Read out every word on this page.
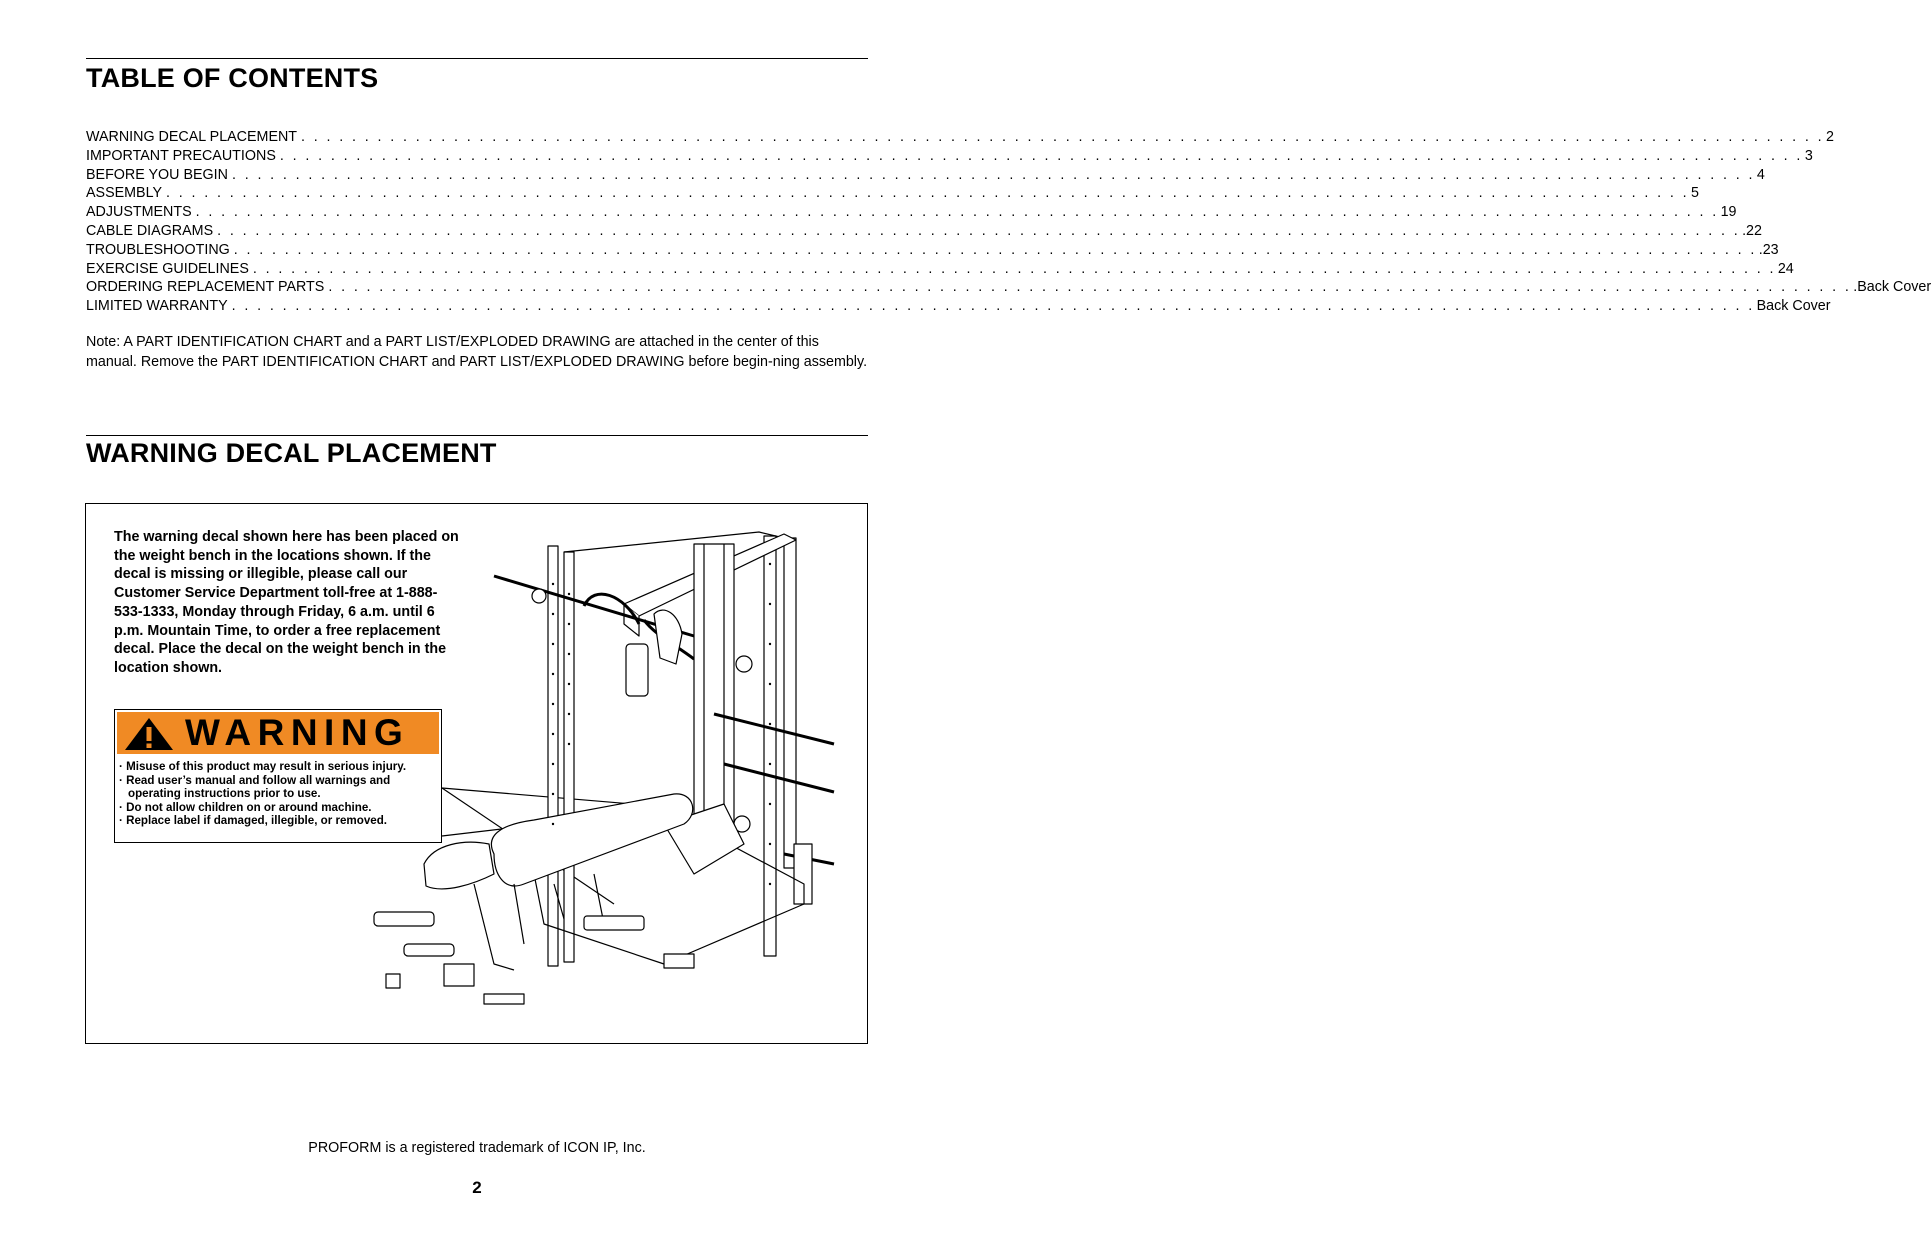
TABLE OF CONTENTS
WARNING DECAL PLACEMENT . . . . . . . . . . . . . . . . . . . . . . . . . . . . . . . . . . . . . . . . . . . . . . . . . . . . . . . . . . . . . . . . . . . . . . . . . . . . . . . . . . . . . . . . . . . . . . . . . . . . . . . . . . . . . . . . . . . . . . . . 2
IMPORTANT PRECAUTIONS . . . . . . . . . . . . . . . . . . . . . . . . . . . . . . . . . . . . . . . . . . . . . . . . . . . . . . . . . . . . . . . . . . . . . . . . . . . . . . . . . . . . . . . . . . . . . . . . . . . . . . . . . . . . . . . . . . . . . . . . 3
BEFORE YOU BEGIN . . . . . . . . . . . . . . . . . . . . . . . . . . . . . . . . . . . . . . . . . . . . . . . . . . . . . . . . . . . . . . . . . . . . . . . . . . . . . . . . . . . . . . . . . . . . . . . . . . . . . . . . . . . . . . . . . . . . . . . . 4
ASSEMBLY . . . . . . . . . . . . . . . . . . . . . . . . . . . . . . . . . . . . . . . . . . . . . . . . . . . . . . . . . . . . . . . . . . . . . . . . . . . . . . . . . . . . . . . . . . . . . . . . . . . . . . . . . . . . . . . . . . . . . . . . 5
ADJUSTMENTS . . . . . . . . . . . . . . . . . . . . . . . . . . . . . . . . . . . . . . . . . . . . . . . . . . . . . . . . . . . . . . . . . . . . . . . . . . . . . . . . . . . . . . . . . . . . . . . . . . . . . . . . . . . . . . . . . . . . . . . . 19
CABLE DIAGRAMS . . . . . . . . . . . . . . . . . . . . . . . . . . . . . . . . . . . . . . . . . . . . . . . . . . . . . . . . . . . . . . . . . . . . . . . . . . . . . . . . . . . . . . . . . . . . . . . . . . . . . . . . . . . . . . . . . . . . . . . . .22
TROUBLESHOOTING . . . . . . . . . . . . . . . . . . . . . . . . . . . . . . . . . . . . . . . . . . . . . . . . . . . . . . . . . . . . . . . . . . . . . . . . . . . . . . . . . . . . . . . . . . . . . . . . . . . . . . . . . . . . . . . . . . . . . . . . .23
EXERCISE GUIDELINES . . . . . . . . . . . . . . . . . . . . . . . . . . . . . . . . . . . . . . . . . . . . . . . . . . . . . . . . . . . . . . . . . . . . . . . . . . . . . . . . . . . . . . . . . . . . . . . . . . . . . . . . . . . . . . . . . . . . . . . . 24
ORDERING REPLACEMENT PARTS . . . . . . . . . . . . . . . . . . . . . . . . . . . . . . . . . . . . . . . . . . . . . . . . . . . . . . . . . . . . . . . . . . . . . . . . . . . . . . . . . . . . . . . . . . . . . . . . . . . . . . . . . . . . . . . . . . . . . . . . .Back Cover
LIMITED WARRANTY . . . . . . . . . . . . . . . . . . . . . . . . . . . . . . . . . . . . . . . . . . . . . . . . . . . . . . . . . . . . . . . . . . . . . . . . . . . . . . . . . . . . . . . . . . . . . . . . . . . . . . . . . . . . . . . . . . . . . . . . Back Cover

Note: A PART IDENTIFICATION CHART and a PART LIST/EXPLODED DRAWING are attached in the center of this manual. Remove the PART IDENTIFICATION CHART and PART LIST/EXPLODED DRAWING before begin-ning assembly.

WARNING DECAL PLACEMENT

The warning decal shown here has been placed on the weight bench in the locations shown. If the decal is missing or illegible, please call our Customer Service Department toll-free at 1-888-533-1333, Monday through Friday, 6 a.m. until 6 p.m. Mountain Time, to order a free replacement decal. Place the decal on the weight bench in the location shown.

WARNING
· Misuse of this product may result in serious injury.
· Read user’s manual and follow all warnings and operating instructions prior to use.
· Do not allow children on or around machine.
· Replace label if damaged, illegible, or removed.

PROFORM is a registered trademark of ICON IP, Inc.

2
